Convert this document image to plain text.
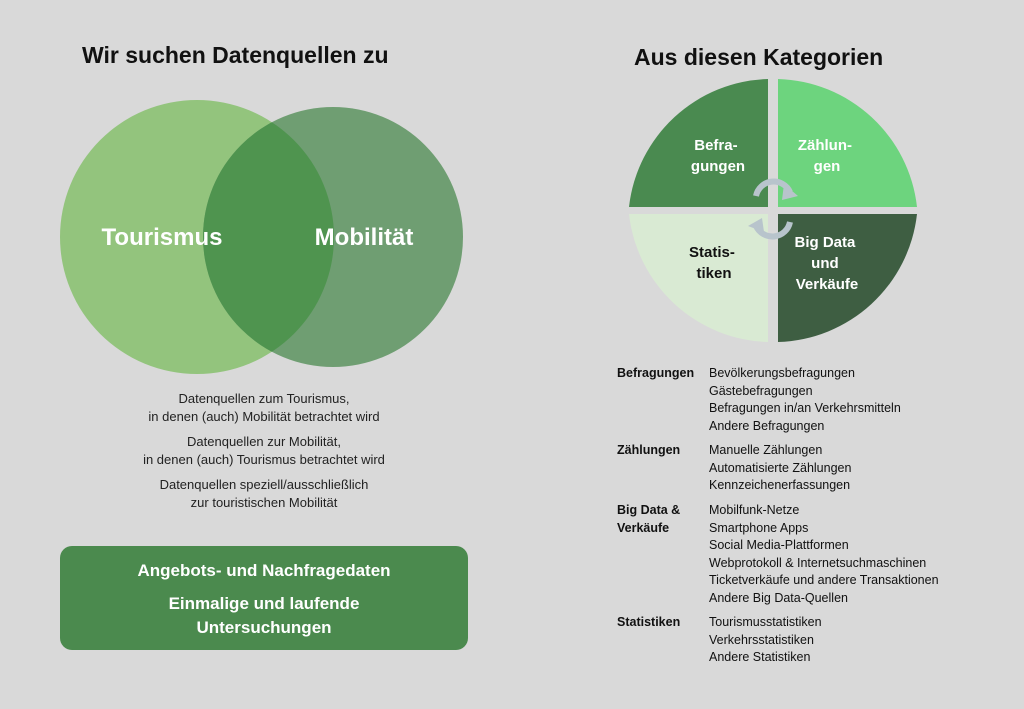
Wir suchen Datenquellen zu	Aus diesen Kategorien
Tourismus	Mobilität
Befra- gungen
Zählun- gen
Statis- tiken
Big Data und Verkäufe
Datenquellen zum Tourismus,
in denen (auch) Mobilität betrachtet wird
Datenquellen zur Mobilität,
in denen (auch) Tourismus betrachtet wird
Datenquellen speziell/ausschließlich
zur touristischen Mobilität
Angebots- und Nachfragedaten
Einmalige und laufende
Untersuchungen
Befragungen Bevölkerungsbefragungen
Gästebefragungen
Befragungen in/an Verkehrsmitteln
Andere Befragungen
Zählungen Manuelle Zählungen
Automatisierte Zählungen
Kennzeichenerfassungen
Big Data &
Verkäufe
Mobilfunk-Netze
Smartphone Apps
Social Media-Plattformen
Webprotokoll & Internetsuchmaschinen
Ticketverkäufe und andere Transaktionen
Andere Big Data-Quellen
Statistiken Tourismusstatistiken
Verkehrsstatistiken
Andere Statistiken
